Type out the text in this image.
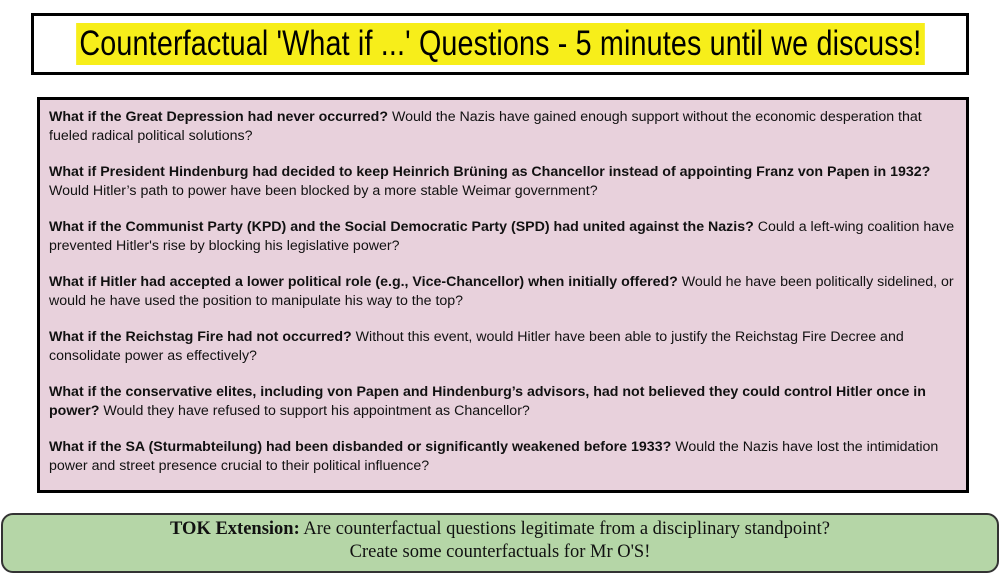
Counterfactual 'What if ...' Questions - 5 minutes until we discuss!

What if the Great Depression had never occurred? Would the Nazis have gained enough support without the economic desperation that fueled radical political solutions?

What if President Hindenburg had decided to keep Heinrich Brüning as Chancellor instead of appointing Franz von Papen in 1932? Would Hitler’s path to power have been blocked by a more stable Weimar government?

What if the Communist Party (KPD) and the Social Democratic Party (SPD) had united against the Nazis? Could a left-wing coalition have prevented Hitler's rise by blocking his legislative power?

What if Hitler had accepted a lower political role (e.g., Vice-Chancellor) when initially offered? Would he have been politically sidelined, or would he have used the position to manipulate his way to the top?

What if the Reichstag Fire had not occurred? Without this event, would Hitler have been able to justify the Reichstag Fire Decree and consolidate power as effectively?

What if the conservative elites, including von Papen and Hindenburg’s advisors, had not believed they could control Hitler once in power? Would they have refused to support his appointment as Chancellor?

What if the SA (Sturmabteilung) had been disbanded or significantly weakened before 1933? Would the Nazis have lost the intimidation power and street presence crucial to their political influence?

TOK Extension: Are counterfactual questions legitimate from a disciplinary standpoint?
Create some counterfactuals for Mr O'S!
